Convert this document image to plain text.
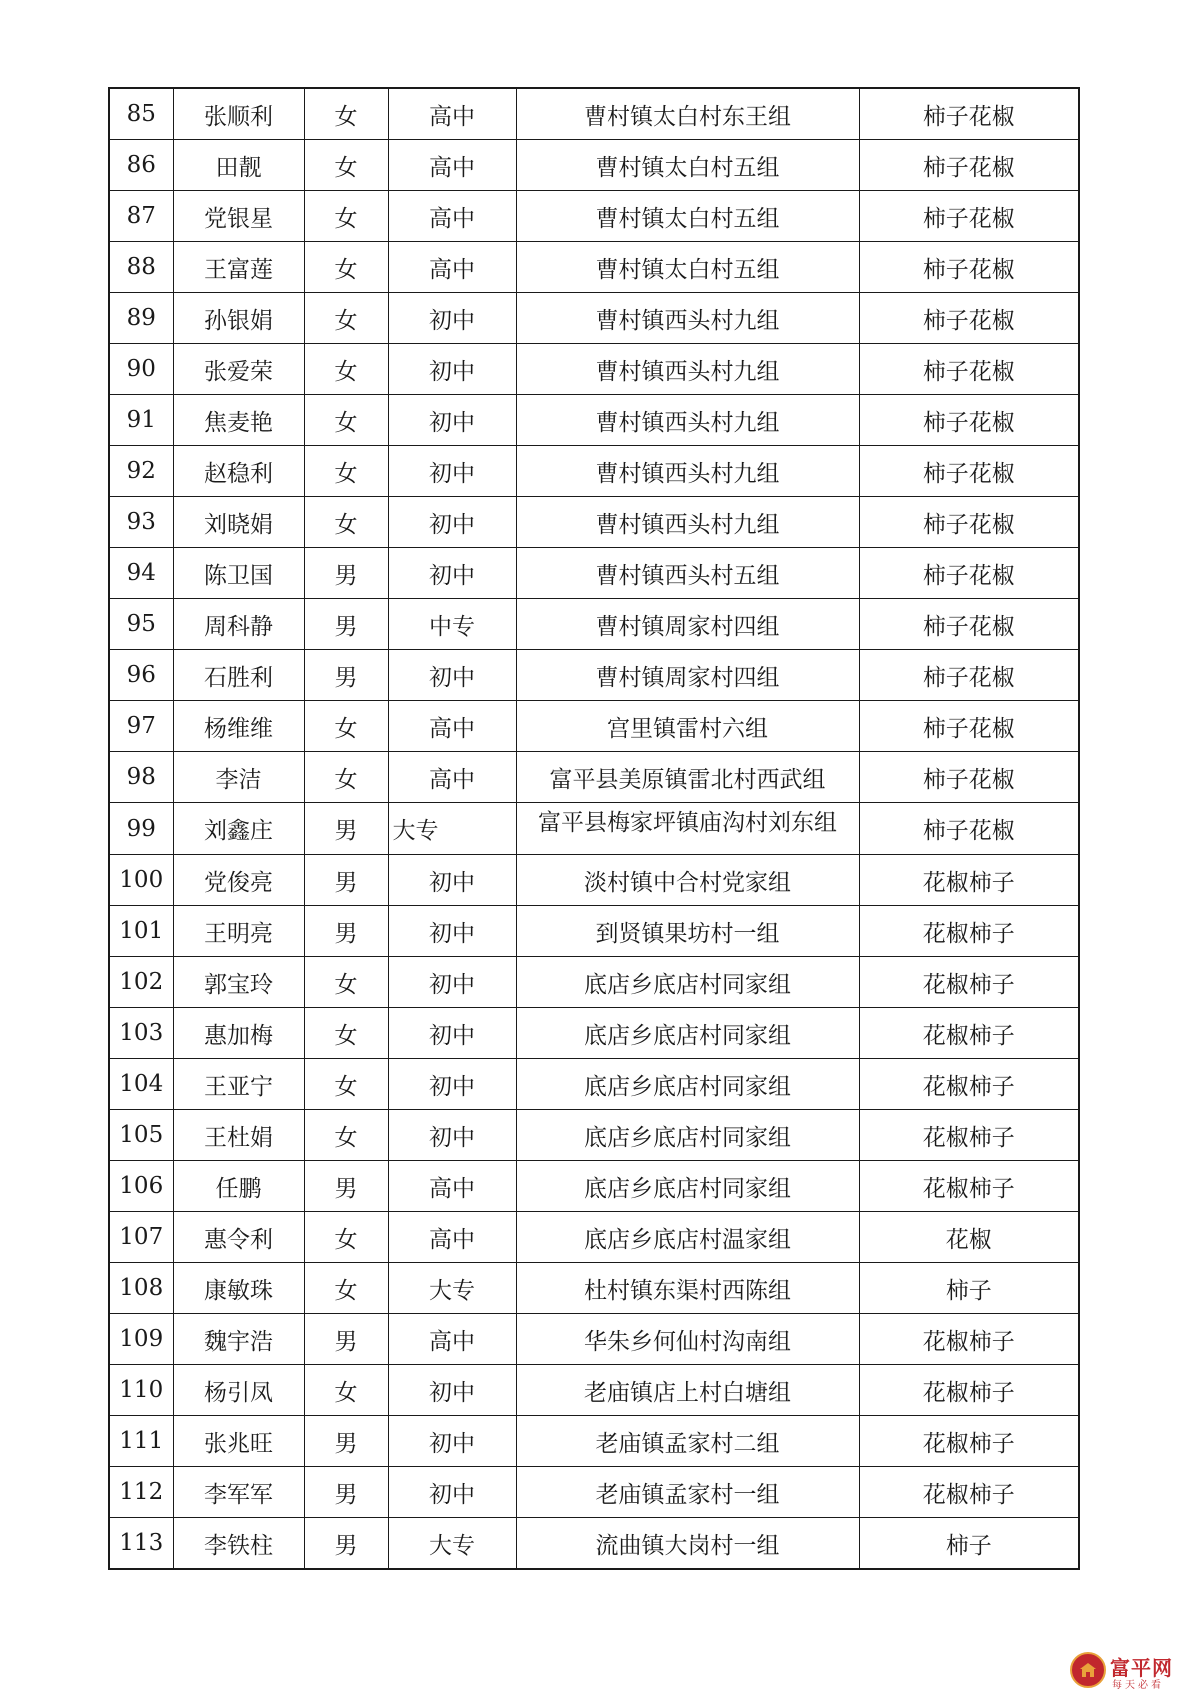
85	张顺利	女	高中	曹村镇太白村东王组	柿子花椒
86	田靓	女	高中	曹村镇太白村五组	柿子花椒
87	党银星	女	高中	曹村镇太白村五组	柿子花椒
88	王富莲	女	高中	曹村镇太白村五组	柿子花椒
89	孙银娟	女	初中	曹村镇西头村九组	柿子花椒
90	张爱荣	女	初中	曹村镇西头村九组	柿子花椒
91	焦麦艳	女	初中	曹村镇西头村九组	柿子花椒
92	赵稳利	女	初中	曹村镇西头村九组	柿子花椒
93	刘晓娟	女	初中	曹村镇西头村九组	柿子花椒
94	陈卫国	男	初中	曹村镇西头村五组	柿子花椒
95	周科静	男	中专	曹村镇周家村四组	柿子花椒
96	石胜利	男	初中	曹村镇周家村四组	柿子花椒
97	杨维维	女	高中	宫里镇雷村六组	柿子花椒
98	李洁	女	高中	富平县美原镇雷北村西武组	柿子花椒
99	刘鑫庄	男	大专	富平县梅家坪镇庙沟村刘东组	柿子花椒
100	党俊亮	男	初中	淡村镇中合村党家组	花椒柿子
101	王明亮	男	初中	到贤镇果坊村一组	花椒柿子
102	郭宝玲	女	初中	底店乡底店村同家组	花椒柿子
103	惠加梅	女	初中	底店乡底店村同家组	花椒柿子
104	王亚宁	女	初中	底店乡底店村同家组	花椒柿子
105	王杜娟	女	初中	底店乡底店村同家组	花椒柿子
106	任鹏	男	高中	底店乡底店村同家组	花椒柿子
107	惠令利	女	高中	底店乡底店村温家组	花椒
108	康敏珠	女	大专	杜村镇东渠村西陈组	柿子
109	魏宇浩	男	高中	华朱乡何仙村沟南组	花椒柿子
110	杨引凤	女	初中	老庙镇店上村白塘组	花椒柿子
111	张兆旺	男	初中	老庙镇孟家村二组	花椒柿子
112	李军军	男	初中	老庙镇孟家村一组	花椒柿子
113	李铁柱	男	大专	流曲镇大岗村一组	柿子
富平网
每天必看
